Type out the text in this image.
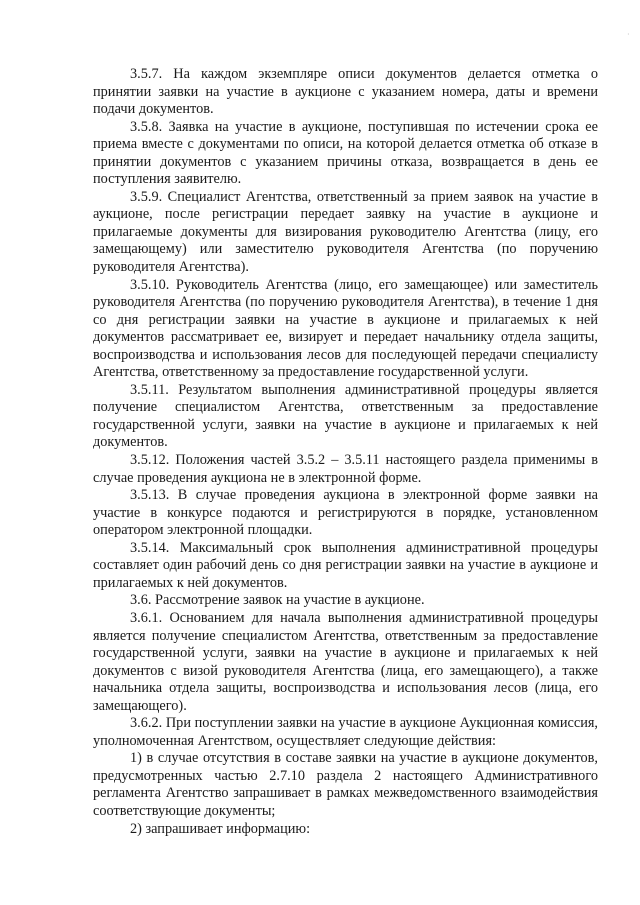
·

3.5.7. На каждом экземпляре описи документов делается отметка о принятии заявки на участие в аукционе с указанием номера, даты и времени подачи документов.

3.5.8. Заявка на участие в аукционе, поступившая по истечении срока ее приема вместе с документами по описи, на которой делается отметка об отказе в принятии документов с указанием причины отказа, возвращается в день ее поступления заявителю.

3.5.9. Специалист Агентства, ответственный за прием заявок на участие в аукционе, после регистрации передает заявку на участие в аукционе и прилагаемые документы для визирования руководителю Агентства (лицу, его замещающему) или заместителю руководителя Агентства (по поручению руководителя Агентства).

3.5.10. Руководитель Агентства (лицо, его замещающее) или заместитель руководителя Агентства (по поручению руководителя Агентства), в течение 1 дня со дня регистрации заявки на участие в аукционе и прилагаемых к ней документов рассматривает ее, визирует и передает начальнику отдела защиты, воспроизводства и использования лесов для последующей передачи специалисту Агентства, ответственному за предоставление государственной услуги.

3.5.11. Результатом выполнения административной процедуры является получение специалистом Агентства, ответственным за предоставление государственной услуги, заявки на участие в аукционе и прилагаемых к ней документов.

3.5.12. Положения частей 3.5.2 – 3.5.11 настоящего раздела применимы в случае проведения аукциона не в электронной форме.

3.5.13. В случае проведения аукциона в электронной форме заявки на участие в конкурсе подаются и регистрируются в порядке, установленном оператором электронной площадки.

3.5.14. Максимальный срок выполнения административной процедуры составляет один рабочий день со дня регистрации заявки на участие в аукционе и прилагаемых к ней документов.

3.6. Рассмотрение заявок на участие в аукционе.

3.6.1. Основанием для начала выполнения административной процедуры является получение специалистом Агентства, ответственным за предоставление государственной услуги, заявки на участие в аукционе и прилагаемых к ней документов с визой руководителя Агентства (лица, его замещающего), а также начальника отдела защиты, воспроизводства и использования лесов (лица, его замещающего).

3.6.2. При поступлении заявки на участие в аукционе Аукционная комиссия, уполномоченная Агентством, осуществляет следующие действия:

1) в случае отсутствия в составе заявки на участие в аукционе документов, предусмотренных частью 2.7.10 раздела 2 настоящего Административного регламента Агентство запрашивает в рамках межведомственного взаимодействия соответствующие документы;

2) запрашивает информацию:
